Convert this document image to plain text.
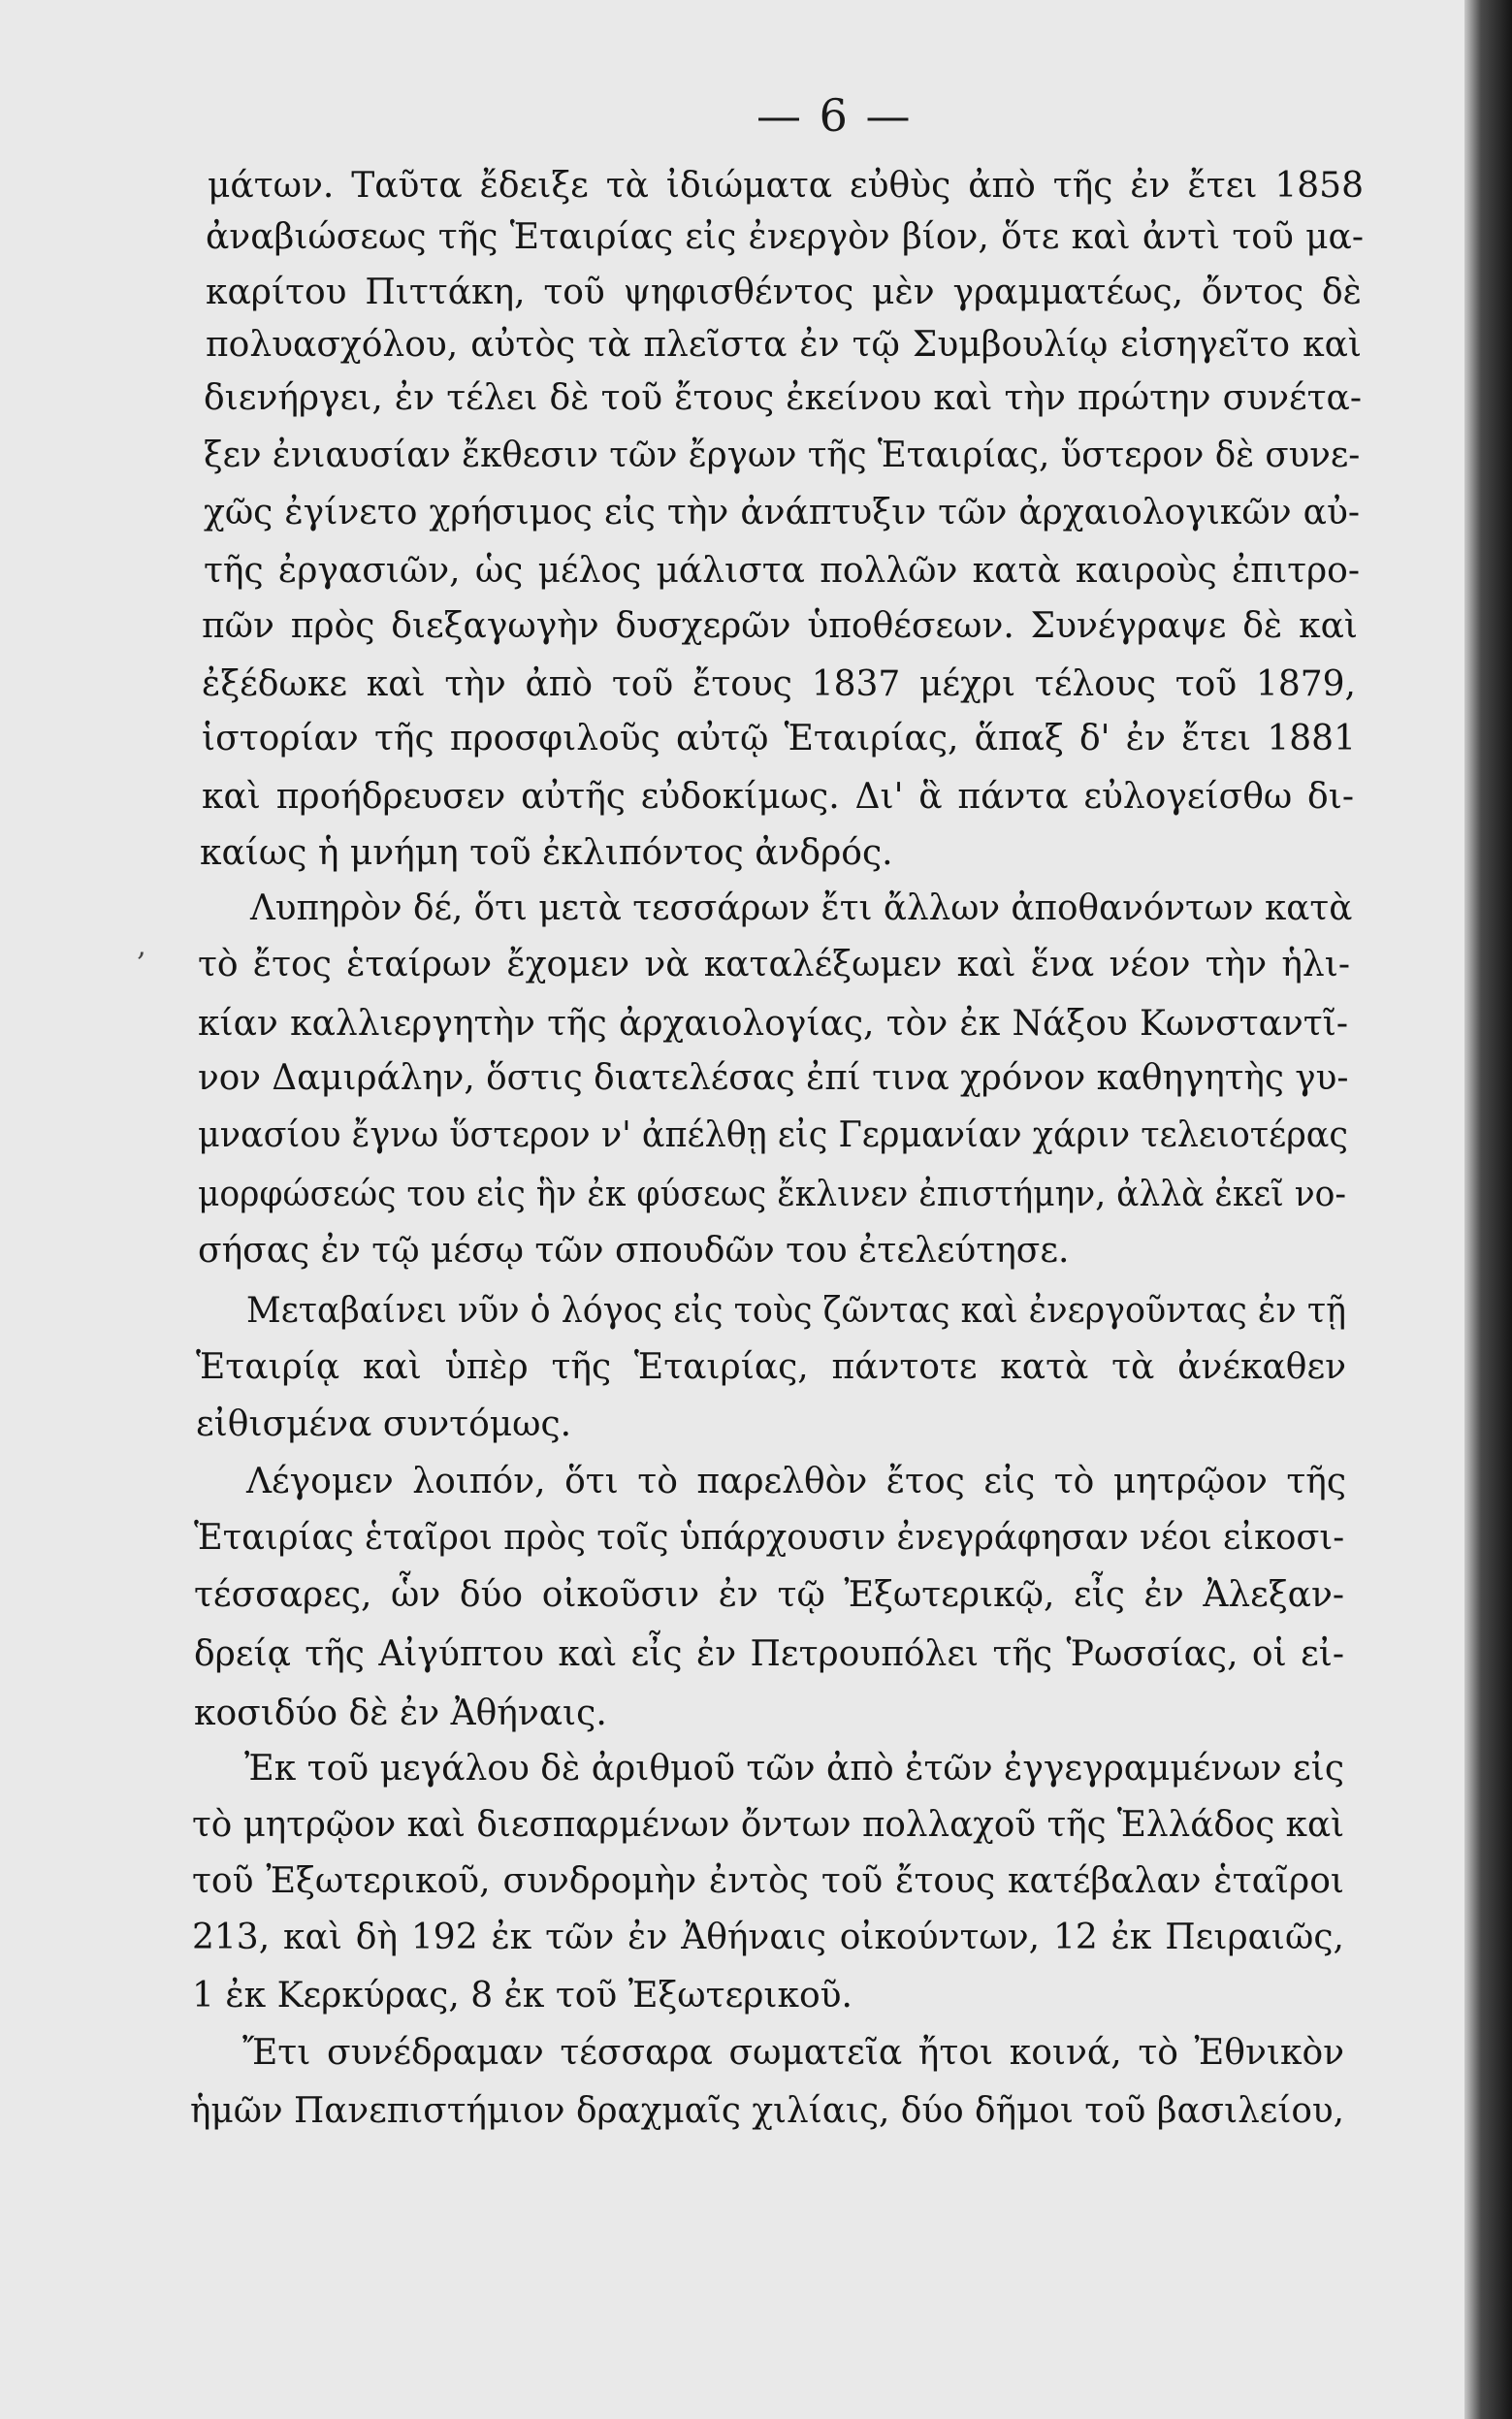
— 6 —
μάτων. Ταῦτα ἔδειξε τὰ ἰδιώματα εὐθὺς ἀπὸ τῆς ἐν ἔτει 1858
ἀναβιώσεως τῆς Ἑταιρίας εἰς ἐνεργὸν βίον, ὅτε καὶ ἀντὶ τοῦ μα-
καρίτου Πιττάκη, τοῦ ψηφισθέντος μὲν γραμματέως, ὄντος δὲ
πολυασχόλου, αὐτὸς τὰ πλεῖστα ἐν τῷ Συμβουλίῳ εἰσηγεῖτο καὶ
διενήργει, ἐν τέλει δὲ τοῦ ἔτους ἐκείνου καὶ τὴν πρώτην συνέτα-
ξεν ἐνιαυσίαν ἔκθεσιν τῶν ἔργων τῆς Ἑταιρίας, ὕστερον δὲ συνε-
χῶς ἐγίνετο χρήσιμος εἰς τὴν ἀνάπτυξιν τῶν ἀρχαιολογικῶν αὐ-
τῆς ἐργασιῶν, ὡς μέλος μάλιστα πολλῶν κατὰ καιροὺς ἐπιτρο-
πῶν πρὸς διεξαγωγὴν δυσχερῶν ὑποθέσεων. Συνέγραψε δὲ καὶ
ἐξέδωκε καὶ τὴν ἀπὸ τοῦ ἔτους 1837 μέχρι τέλους τοῦ 1879,
ἱστορίαν τῆς προσφιλοῦς αὐτῷ Ἑταιρίας, ἅπαξ δ' ἐν ἔτει 1881
καὶ προήδρευσεν αὐτῆς εὐδοκίμως. Δι' ἃ πάντα εὐλογείσθω δι-
καίως ἡ μνήμη τοῦ ἐκλιπόντος ἀνδρός.
Λυπηρὸν δέ, ὅτι μετὰ τεσσάρων ἔτι ἄλλων ἀποθανόντων κατὰ
τὸ ἔτος ἑταίρων ἔχομεν νὰ καταλέξωμεν καὶ ἕνα νέον τὴν ἡλι-
κίαν καλλιεργητὴν τῆς ἀρχαιολογίας, τὸν ἐκ Νάξου Κωνσταντῖ-
νον Δαμιράλην, ὅστις διατελέσας ἐπί τινα χρόνον καθηγητὴς γυ-
μνασίου ἔγνω ὕστερον ν' ἀπέλθῃ εἰς Γερμανίαν χάριν τελειοτέρας
μορφώσεώς του εἰς ἣν ἐκ φύσεως ἔκλινεν ἐπιστήμην, ἀλλὰ ἐκεῖ νο-
σήσας ἐν τῷ μέσῳ τῶν σπουδῶν του ἐτελεύτησε.
Μεταβαίνει νῦν ὁ λόγος εἰς τοὺς ζῶντας καὶ ἐνεργοῦντας ἐν τῇ
Ἑταιρίᾳ καὶ ὑπὲρ τῆς Ἑταιρίας, πάντοτε κατὰ τὰ ἀνέκαθεν
εἰθισμένα συντόμως.
Λέγομεν λοιπόν, ὅτι τὸ παρελθὸν ἔτος εἰς τὸ μητρῷον τῆς
Ἑταιρίας ἑταῖροι πρὸς τοῖς ὑπάρχουσιν ἐνεγράφησαν νέοι εἰκοσι-
τέσσαρες, ὧν δύο οἰκοῦσιν ἐν τῷ Ἐξωτερικῷ, εἶς ἐν Ἀλεξαν-
δρείᾳ τῆς Αἰγύπτου καὶ εἶς ἐν Πετρουπόλει τῆς Ῥωσσίας, οἱ εἰ-
κοσιδύο δὲ ἐν Ἀθήναις.
Ἐκ τοῦ μεγάλου δὲ ἀριθμοῦ τῶν ἀπὸ ἐτῶν ἐγγεγραμμένων εἰς
τὸ μητρῷον καὶ διεσπαρμένων ὄντων πολλαχοῦ τῆς Ἑλλάδος καὶ
τοῦ Ἐξωτερικοῦ, συνδρομὴν ἐντὸς τοῦ ἔτους κατέβαλαν ἑταῖροι
213, καὶ δὴ 192 ἐκ τῶν ἐν Ἀθήναις οἰκούντων, 12 ἐκ Πειραιῶς,
1 ἐκ Κερκύρας, 8 ἐκ τοῦ Ἐξωτερικοῦ.
Ἔτι συνέδραμαν τέσσαρα σωματεῖα ἤτοι κοινά, τὸ Ἐθνικὸν
ἡμῶν Πανεπιστήμιον δραχμαῖς χιλίαις, δύο δῆμοι τοῦ βασιλείου,
‚
